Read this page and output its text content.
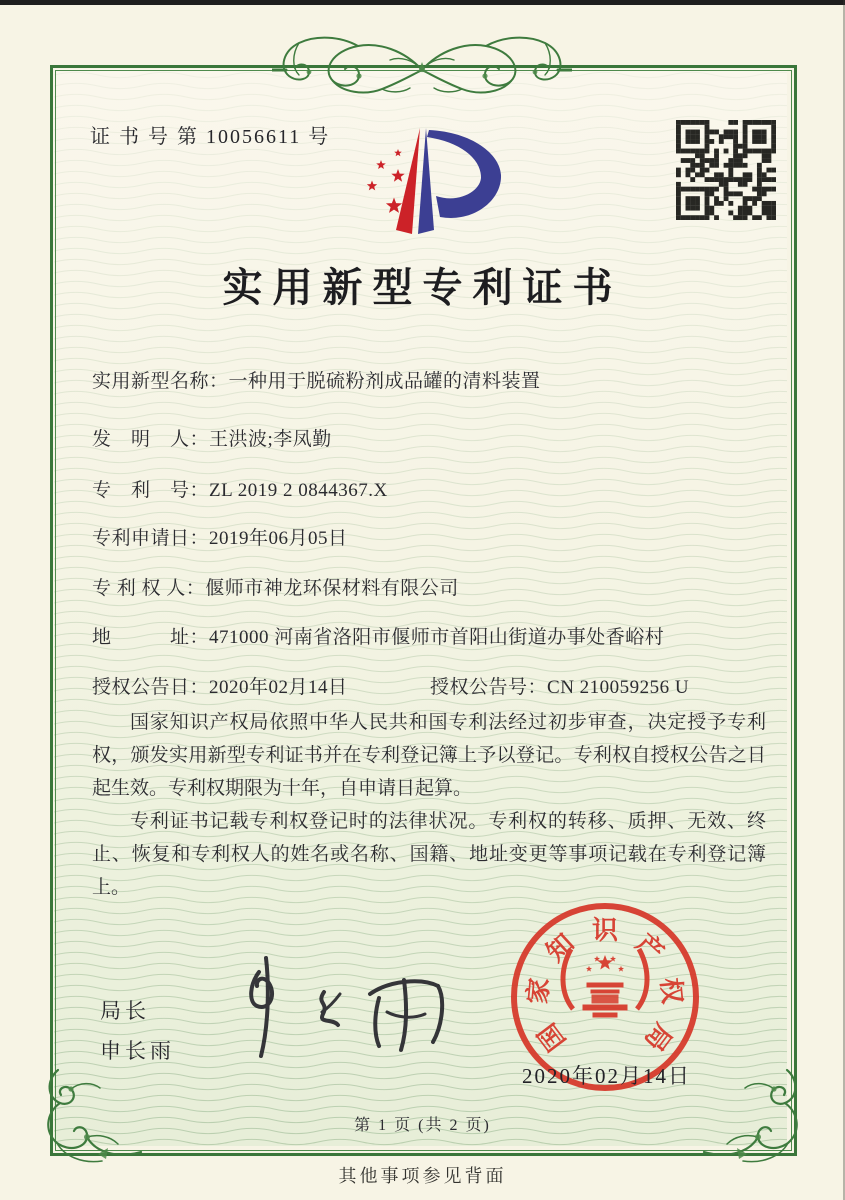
证 书 号 第 10056611 号
实用新型专利证书
实用新型名称：一种用于脱硫粉剂成品罐的清料装置
发　明　人：王洪波;李凤勤
专　利　号：ZL 2019 2 0844367.X
专利申请日：2019年06月05日
专 利 权 人：偃师市神龙环保材料有限公司
地　　　址：471000 河南省洛阳市偃师市首阳山街道办事处香峪村
授权公告日：2020年02月14日	授权公告号：CN 210059256 U

国家知识产权局依照中华人民共和国专利法经过初步审查，决定授予专利权，颁发实用新型专利证书并在专利登记簿上予以登记。专利权自授权公告之日起生效。专利权期限为十年，自申请日起算。

专利证书记载专利权登记时的法律状况。专利权的转移、质押、无效、终止、恢复和专利权人的姓名或名称、国籍、地址变更等事项记载在专利登记簿上。

局长
申长雨	国
家
知 识 产
权
局
2020年02月14日
第 1 页 (共 2 页)
其他事项参见背面
